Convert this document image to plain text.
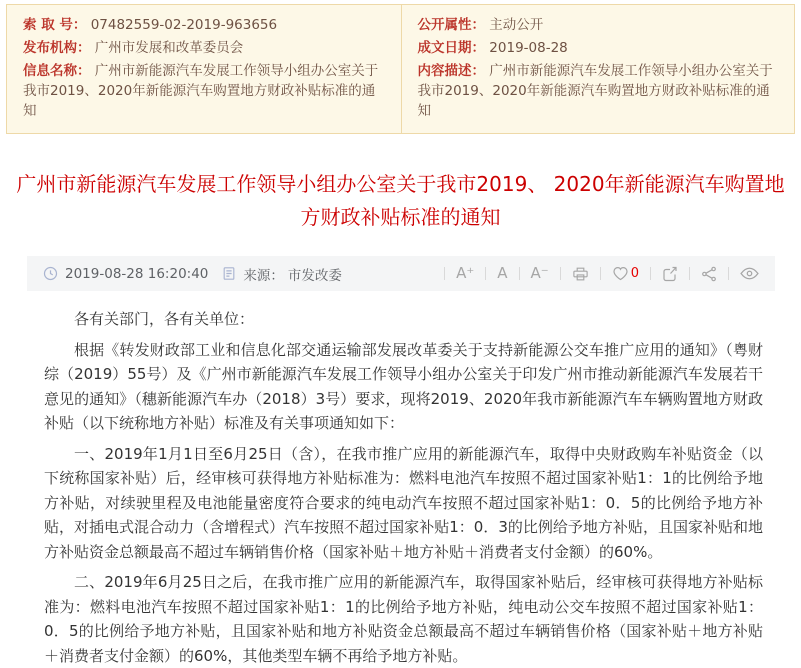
索 取 号： 07482559-02-2019-963656

发布机构： 广州市发展和改革委员会

信息名称： 广州市新能源汽车发展工作领导小组办公室关于我市2019、2020年新能源汽车购置地方财政补贴标准的通知

公开属性： 主动公开

成文日期： 2019-08-28

内容描述： 广州市新能源汽车发展工作领导小组办公室关于我市2019、2020年新能源汽车购置地方财政补贴标准的通知

广州市新能源汽车发展工作领导小组办公室关于我市2019、 2020年新能源汽车购置地方财政补贴标准的通知
2019-08-28 16:20:40	来源： 市发改委	A⁺ A A⁻	0

各有关部门，各有关单位：

根据《转发财政部工业和信息化部交通运输部发展改革委关于支持新能源公交车推广应用的通知》（粤财综（2019）55号）及《广州市新能源汽车发展工作领导小组办公室关于印发广州市推动新能源汽车发展若干意见的通知》（穗新能源汽车办（2018）3号）要求，现将2019、2020年我市新能源汽车车辆购置地方财政补贴（以下统称地方补贴）标准及有关事项通知如下：

一、2019年1月1日至6月25日（含），在我市推广应用的新能源汽车，取得中央财政购车补贴资金（以下统称国家补贴）后，经审核可获得地方补贴标准为：燃料电池汽车按照不超过国家补贴1：1的比例给予地方补贴，对续驶里程及电池能量密度符合要求的纯电动汽车按照不超过国家补贴1：0．5的比例给予地方补贴，对插电式混合动力（含增程式）汽车按照不超过国家补贴1：0．3的比例给予地方补贴，且国家补贴和地方补贴资金总额最高不超过车辆销售价格（国家补贴＋地方补贴＋消费者支付金额）的60%。

二、2019年6月25日之后，在我市推广应用的新能源汽车，取得国家补贴后，经审核可获得地方补贴标准为：燃料电池汽车按照不超过国家补贴1：1的比例给予地方补贴，纯电动公交车按照不超过国家补贴1：0．5的比例给予地方补贴，且国家补贴和地方补贴资金总额最高不超过车辆销售价格（国家补贴＋地方补贴＋消费者支付金额）的60%，其他类型车辆不再给予地方补贴。
